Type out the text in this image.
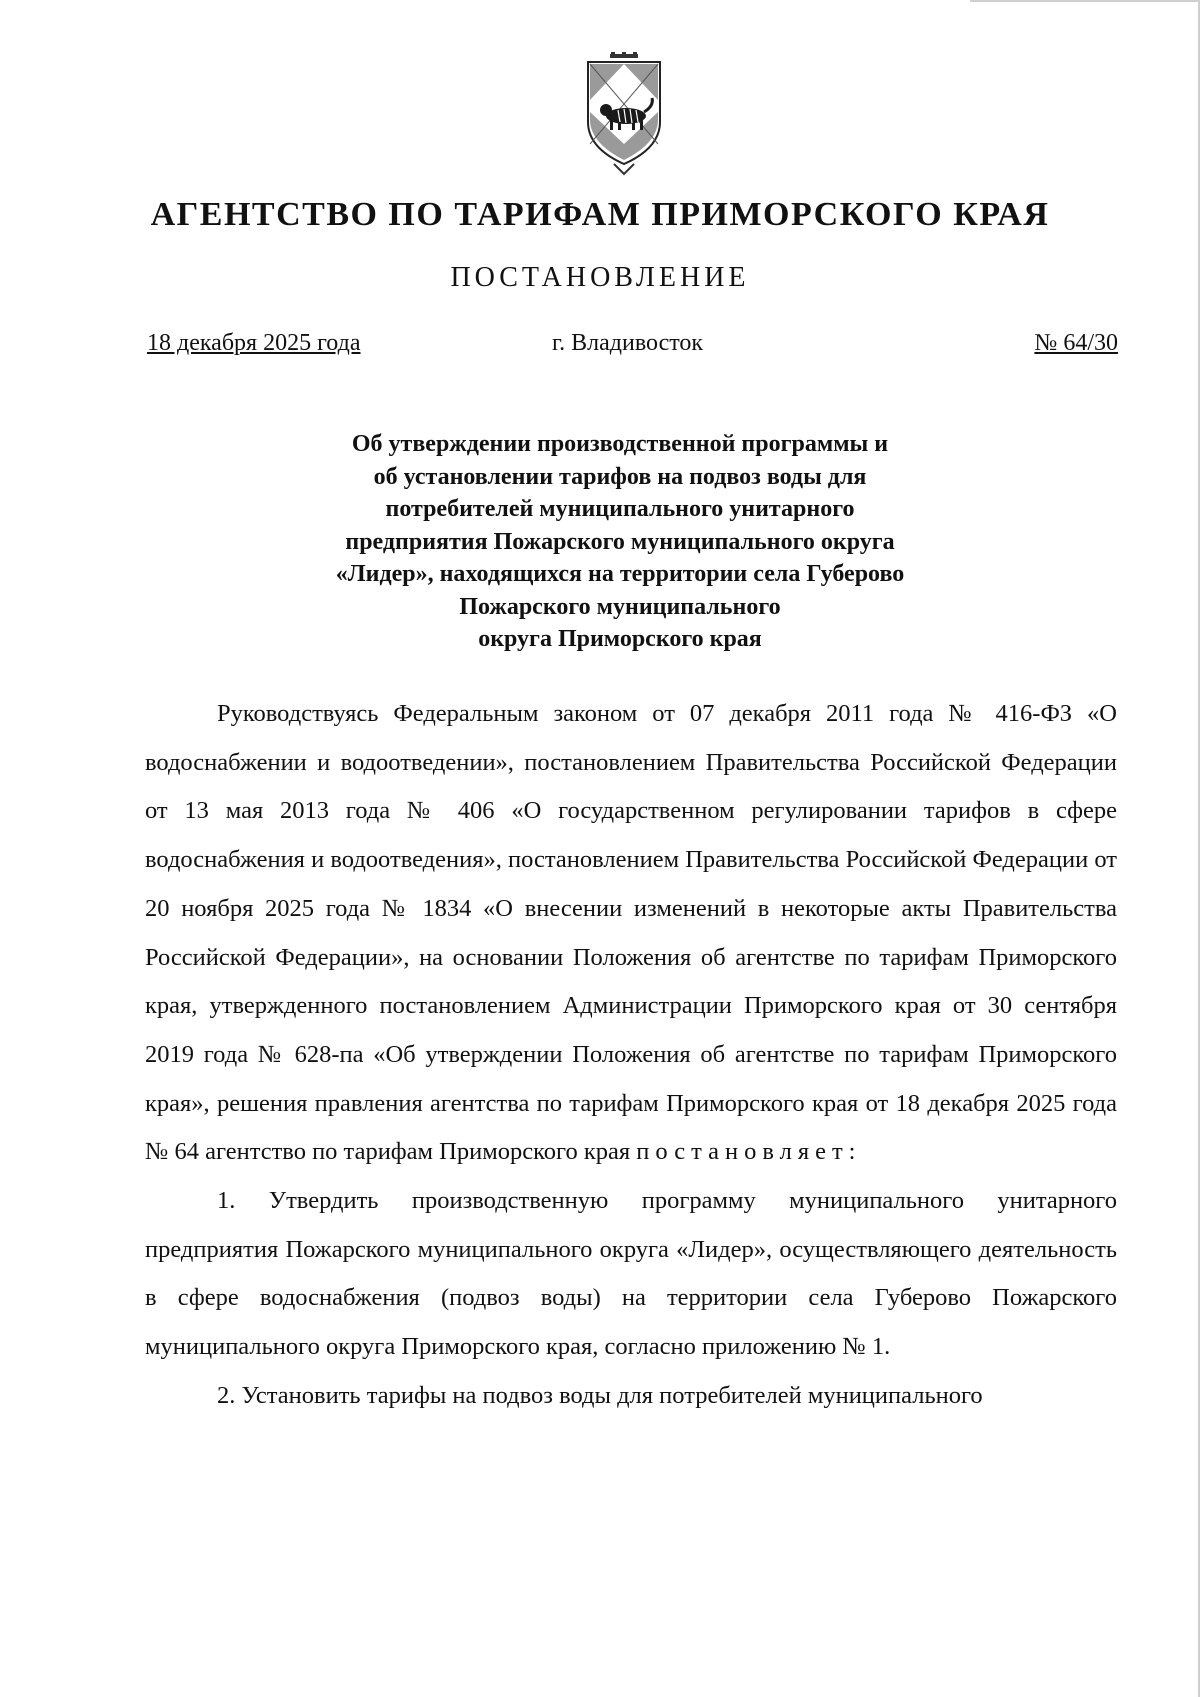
АГЕНТСТВО ПО ТАРИФАМ ПРИМОРСКОГО КРАЯ
ПОСТАНОВЛЕНИЕ
18 декабря 2025 года	г. Владивосток	№ 64/30
Об утверждении производственной программы и
об установлении тарифов на подвоз воды для
потребителей муниципального унитарного
предприятия Пожарского муниципального округа
«Лидер», находящихся на территории села Губерово
Пожарского муниципального
округа Приморского края

Руководствуясь Федеральным законом от 07 декабря 2011 года № 416-ФЗ «О водоснабжении и водоотведении», постановлением Правительства Российской Федерации от 13 мая 2013 года № 406 «О государственном регулировании тарифов в сфере водоснабжения и водоотведения», постановлением Правительства Российской Федерации от 20 ноября 2025 года № 1834 «О внесении изменений в некоторые акты Правительства Российской Федерации», на основании Положения об агентстве по тарифам Приморского края, утвержденного постановлением Администрации Приморского края от 30 сентября 2019 года № 628-па «Об утверждении Положения об агентстве по тарифам Приморского края», решения правления агентства по тарифам Приморского края от 18 декабря 2025 года № 64 агентство по тарифам Приморского края постановляет:

1. Утвердить производственную программу муниципального унитарного предприятия Пожарского муниципального округа «Лидер», осуществляющего деятельность в сфере водоснабжения (подвоз воды) на территории села Губерово Пожарского муниципального округа Приморского края, согласно приложению № 1.

2. Установить тарифы на подвоз воды для потребителей муниципального
